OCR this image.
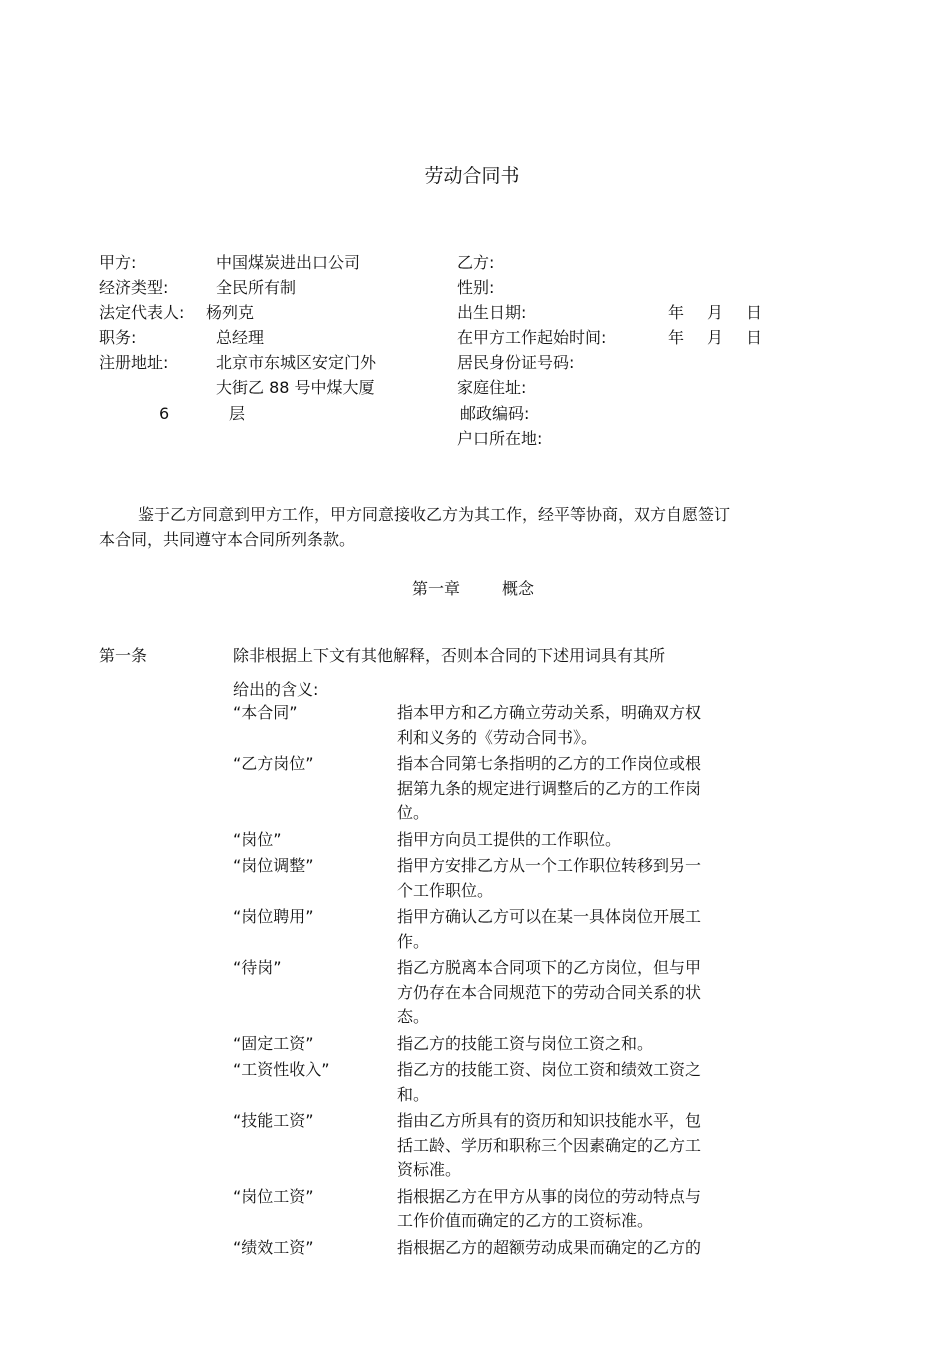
劳动合同书
甲方:	中国煤炭进出口公司
经济类型:	全民所有制
法定代表人: 杨列克
职务:	总经理
注册地址:	北京市东城区安定门外
大街乙 88 号中煤大厦
6	层
乙方:
性别:
出生日期:	年 月 日
在甲方工作起始时间:	年 月 日
居民身份证号码:
家庭住址:
邮政编码:
户口所在地:
鉴于乙方同意到甲方工作，甲方同意接收乙方为其工作，经平等协商，双方自愿签订
本合同，共同遵守本合同所列条款。
第一章	概念
第一条	除非根据上下文有其他解释，否则本合同的下述用词具有其所
给出的含义:
“本合同”	指本甲方和乙方确立劳动关系，明确双方权
利和义务的《劳动合同书》。
“乙方岗位”	指本合同第七条指明的乙方的工作岗位或根
据第九条的规定进行调整后的乙方的工作岗
位。
“岗位”	指甲方向员工提供的工作职位。
“岗位调整”	指甲方安排乙方从一个工作职位转移到另一
个工作职位。
“岗位聘用”	指甲方确认乙方可以在某一具体岗位开展工
作。
“待岗”	指乙方脱离本合同项下的乙方岗位，但与甲
方仍存在本合同规范下的劳动合同关系的状
态。
“固定工资”	指乙方的技能工资与岗位工资之和。
“工资性收入”	指乙方的技能工资、岗位工资和绩效工资之
和。
“技能工资”	指由乙方所具有的资历和知识技能水平，包
括工龄、学历和职称三个因素确定的乙方工
资标准。
“岗位工资”	指根据乙方在甲方从事的岗位的劳动特点与
工作价值而确定的乙方的工资标准。
“绩效工资”	指根据乙方的超额劳动成果而确定的乙方的
